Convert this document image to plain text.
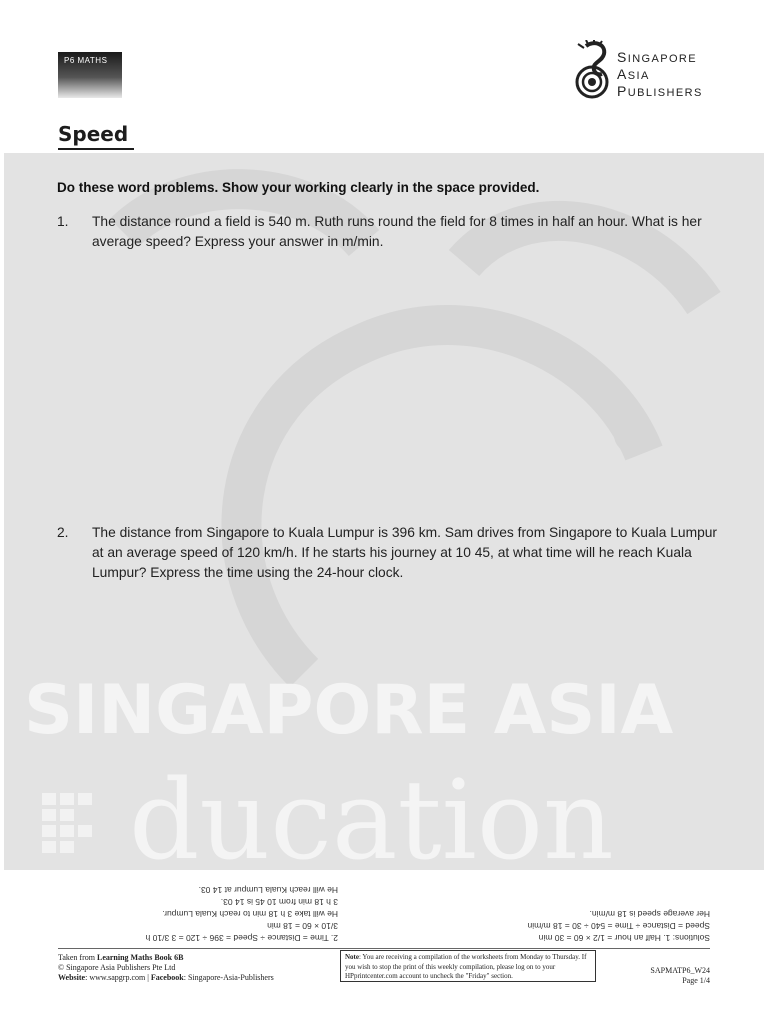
P6 MATHS	SINGAPORE
ASIA
PUBLISHERS
Speed
SINGAPORE ASIA
ducation
Do these word problems. Show your working clearly in the space provided.
1. The distance round a field is 540 m. Ruth runs round the field for 8 times in half an hour. What is her average speed? Express your answer in m/min.
2. The distance from Singapore to Kuala Lumpur is 396 km. Sam drives from Singapore to Kuala Lumpur at an average speed of 120 km/h. If he starts his journey at 10 45, at what time will he reach Kuala Lumpur? Express the time using the 24-hour clock.
Solutions: 1. Half an hour = 1/2 × 60 = 30 min
Speed = Distance ÷ Time = 540 ÷ 30 = 18 m/min
Her average speed is 18 m/min.
2. Time = Distance ÷ Speed = 396 ÷ 120 = 3 3/10 h
3/10 × 60 = 18 min
He will take 3 h 18 min to reach Kuala Lumpur.
3 h 18 min from 10 45 is 14 03.
He will reach Kuala Lumpur at 14 03.
Taken from Learning Maths Book 6B
© Singapore Asia Publishers Pte Ltd
Website: www.sapgrp.com | Facebook: Singapore-Asia-Publishers
Note: You are receiving a compilation of the worksheets from Monday to Thursday. If you wish to stop the print of this weekly compilation, please log on to your HPprintcenter.com account to uncheck the "Friday" section.
SAPMATP6_W24
Page 1/4
